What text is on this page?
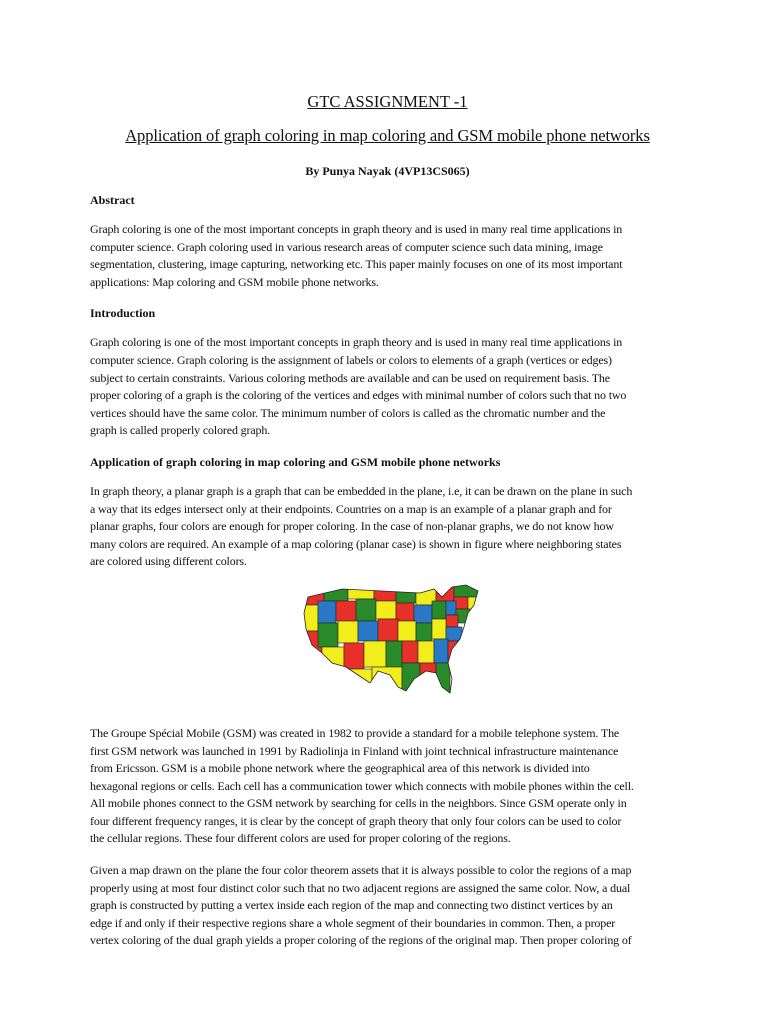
GTC ASSIGNMENT -1

Application of graph coloring in map coloring and GSM mobile phone networks

By Punya Nayak (4VP13CS065)

Abstract

Graph coloring is one of the most important concepts in graph theory and is used in many real time applications in
computer science. Graph coloring used in various research areas of computer science such data mining, image
segmentation, clustering, image capturing, networking etc. This paper mainly focuses on one of its most important
applications: Map coloring and GSM mobile phone networks.

Introduction

Graph coloring is one of the most important concepts in graph theory and is used in many real time applications in
computer science. Graph coloring is the assignment of labels or colors to elements of a graph (vertices or edges)
subject to certain constraints. Various coloring methods are available and can be used on requirement basis. The
proper coloring of a graph is the coloring of the vertices and edges with minimal number of colors such that no two
vertices should have the same color. The minimum number of colors is called as the chromatic number and the
graph is called properly colored graph.

Application of graph coloring in map coloring and GSM mobile phone networks

In graph theory, a planar graph is a graph that can be embedded in the plane, i.e, it can be drawn on the plane in such
a way that its edges intersect only at their endpoints. Countries on a map is an example of a planar graph and for
planar graphs, four colors are enough for proper coloring. In the case of non-planar graphs, we do not know how
many colors are required. An example of a map coloring (planar case) is shown in figure where neighboring states
are colored using different colors.

The Groupe Spécial Mobile (GSM) was created in 1982 to provide a standard for a mobile telephone system. The
first GSM network was launched in 1991 by Radiolinja in Finland with joint technical infrastructure maintenance
from Ericsson. GSM is a mobile phone network where the geographical area of this network is divided into
hexagonal regions or cells. Each cell has a communication tower which connects with mobile phones within the cell.
All mobile phones connect to the GSM network by searching for cells in the neighbors. Since GSM operate only in
four different frequency ranges, it is clear by the concept of graph theory that only four colors can be used to color
the cellular regions. These four different colors are used for proper coloring of the regions.

Given a map drawn on the plane the four color theorem assets that it is always possible to color the regions of a map
properly using at most four distinct color such that no two adjacent regions are assigned the same color. Now, a dual
graph is constructed by putting a vertex inside each region of the map and connecting two distinct vertices by an
edge if and only if their respective regions share a whole segment of their boundaries in common. Then, a proper
vertex coloring of the dual graph yields a proper coloring of the regions of the original map. Then proper coloring of
